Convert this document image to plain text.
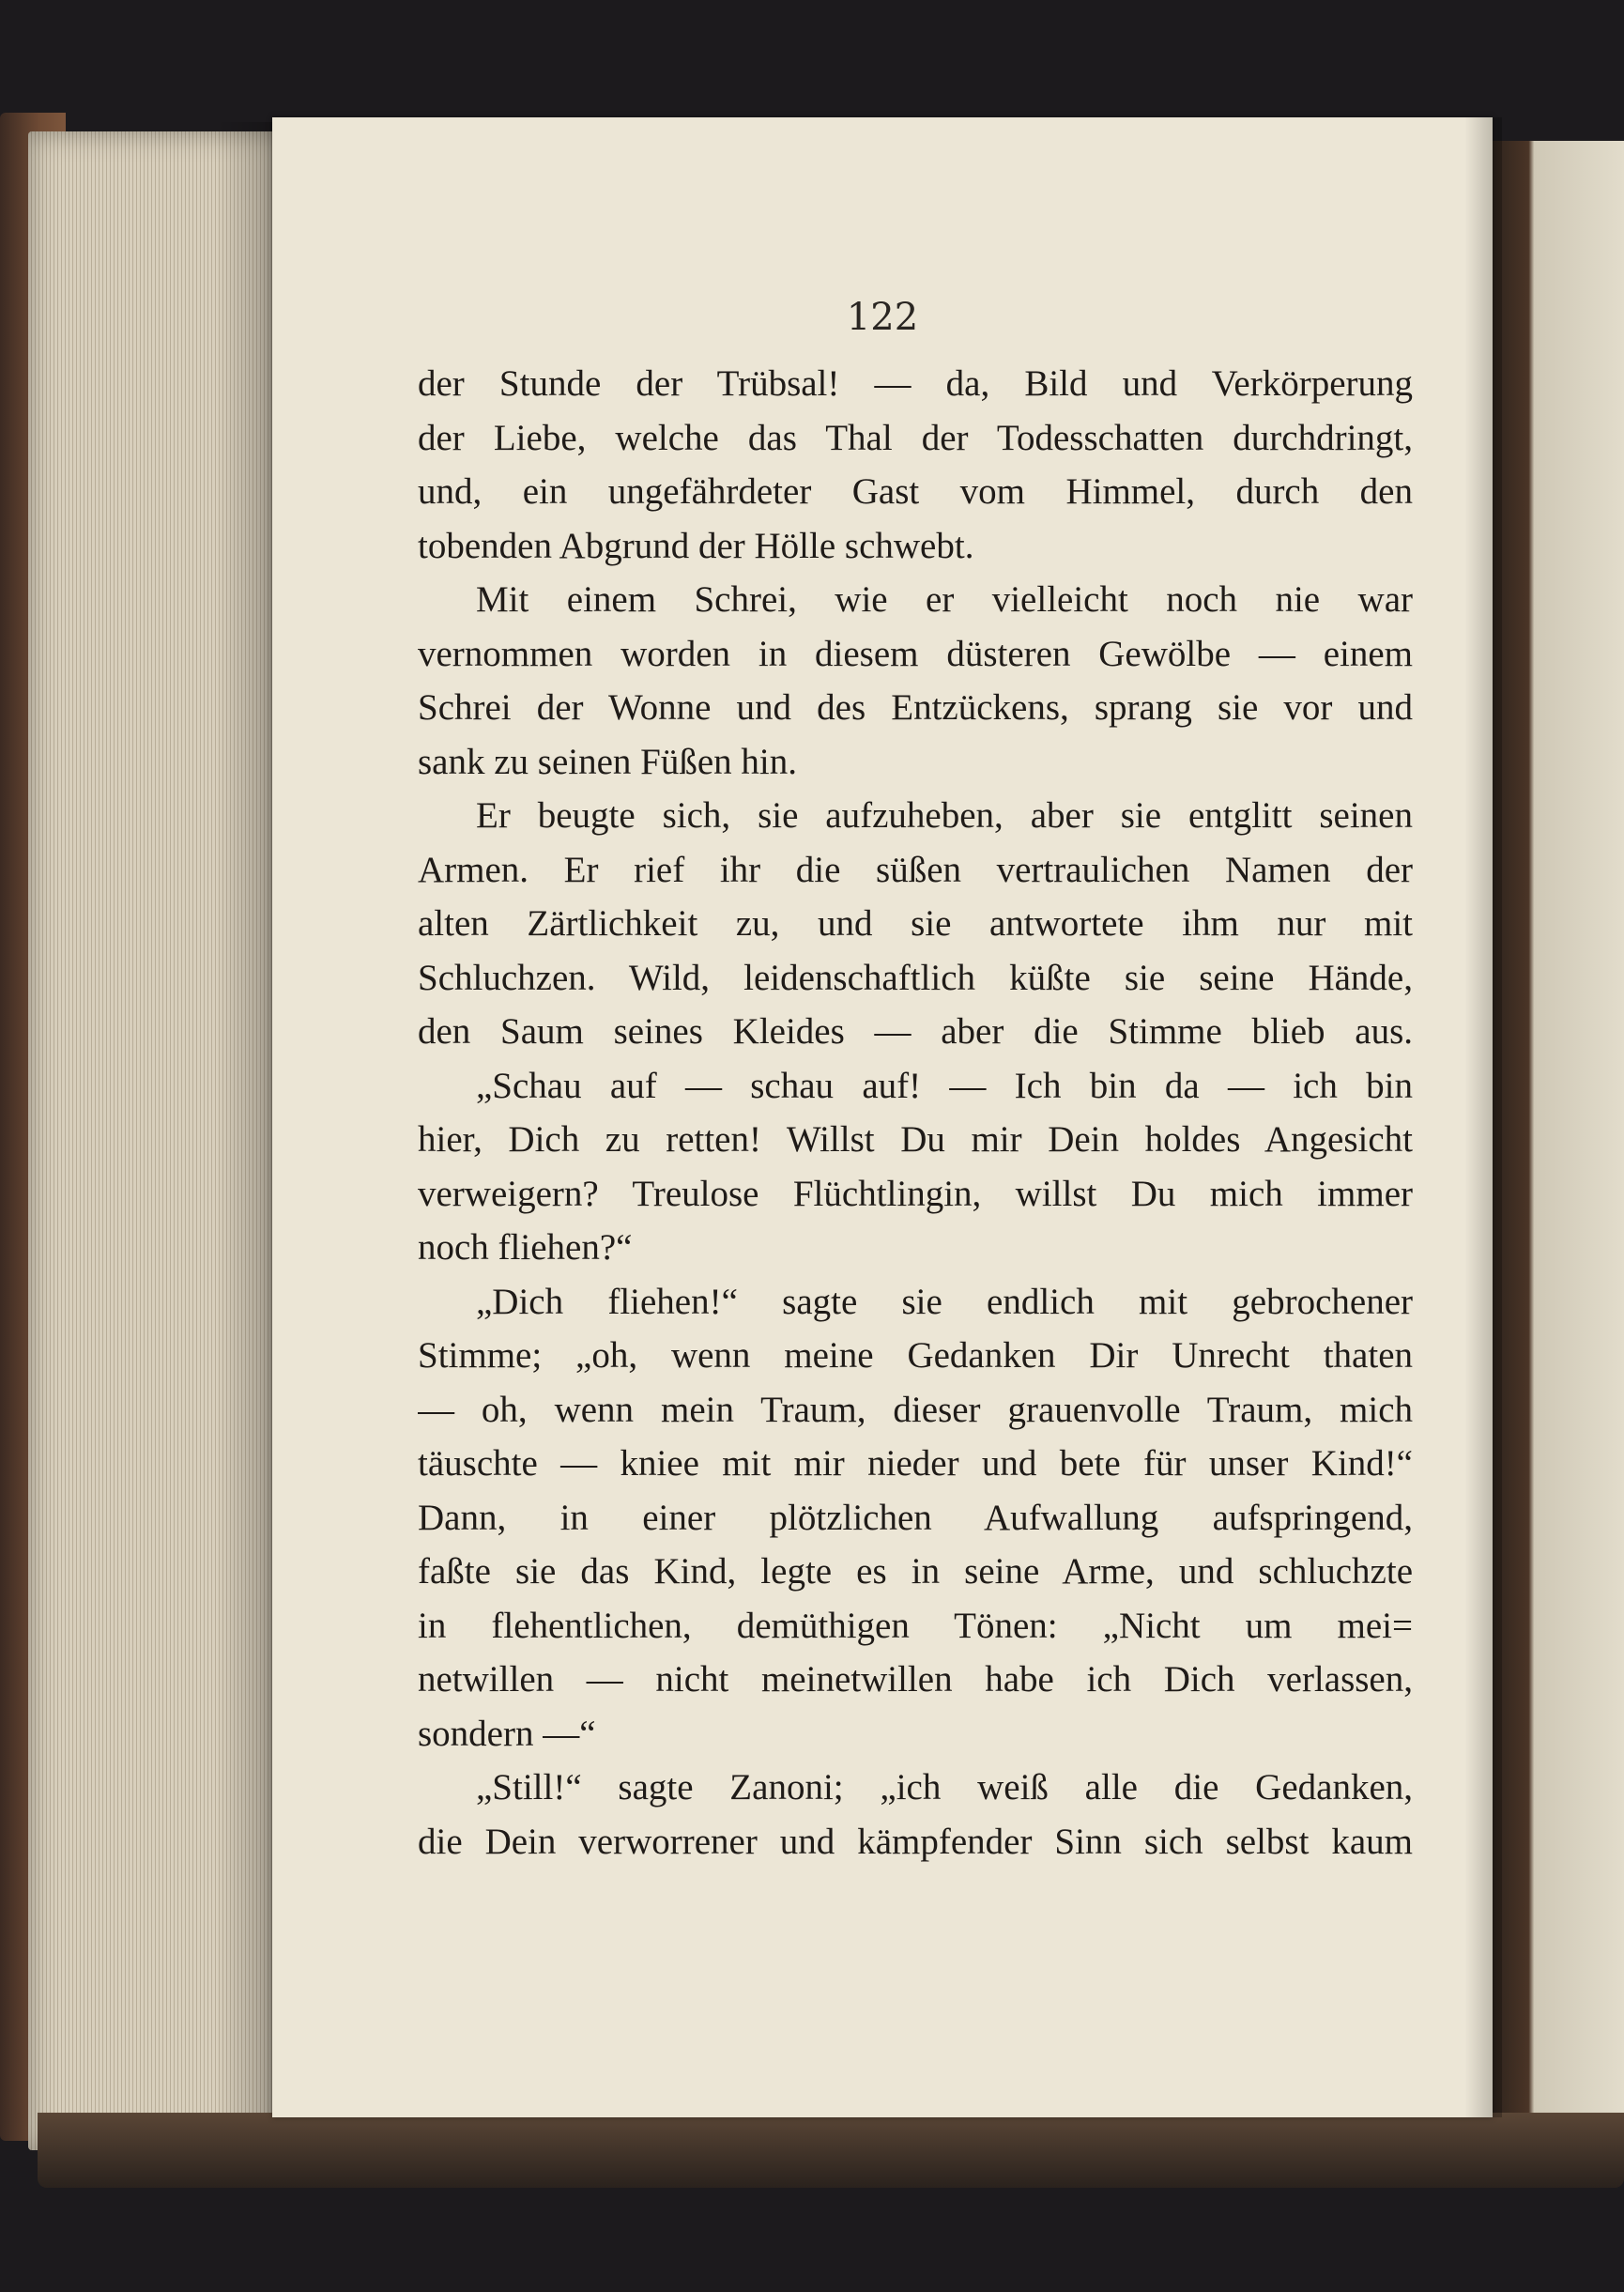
122
der Stunde der Trübsal! — da, Bild und Verkörperung
der Liebe, welche das Thal der Todesschatten durchdringt,
und, ein ungefährdeter Gast vom Himmel, durch den
tobenden Abgrund der Hölle schwebt.
Mit einem Schrei, wie er vielleicht noch nie war
vernommen worden in diesem düsteren Gewölbe — einem
Schrei der Wonne und des Entzückens, sprang sie vor und
sank zu seinen Füßen hin.
Er beugte sich, sie aufzuheben, aber sie entglitt seinen
Armen. Er rief ihr die süßen vertraulichen Namen der
alten Zärtlichkeit zu, und sie antwortete ihm nur mit
Schluchzen. Wild, leidenschaftlich küßte sie seine Hände,
den Saum seines Kleides — aber die Stimme blieb aus.
„Schau auf — schau auf! — Ich bin da — ich bin
hier, Dich zu retten! Willst Du mir Dein holdes Angesicht
verweigern? Treulose Flüchtlingin, willst Du mich immer
noch fliehen?“
„Dich fliehen!“ sagte sie endlich mit gebrochener
Stimme; „oh, wenn meine Gedanken Dir Unrecht thaten
— oh, wenn mein Traum, dieser grauenvolle Traum, mich
täuschte — kniee mit mir nieder und bete für unser Kind!“
Dann, in einer plötzlichen Aufwallung aufspringend,
faßte sie das Kind, legte es in seine Arme, und schluchzte
in flehentlichen, demüthigen Tönen: „Nicht um mei=
netwillen — nicht meinetwillen habe ich Dich verlassen,
sondern —“
„Still!“ sagte Zanoni; „ich weiß alle die Gedanken,
die Dein verworrener und kämpfender Sinn sich selbst kaum
